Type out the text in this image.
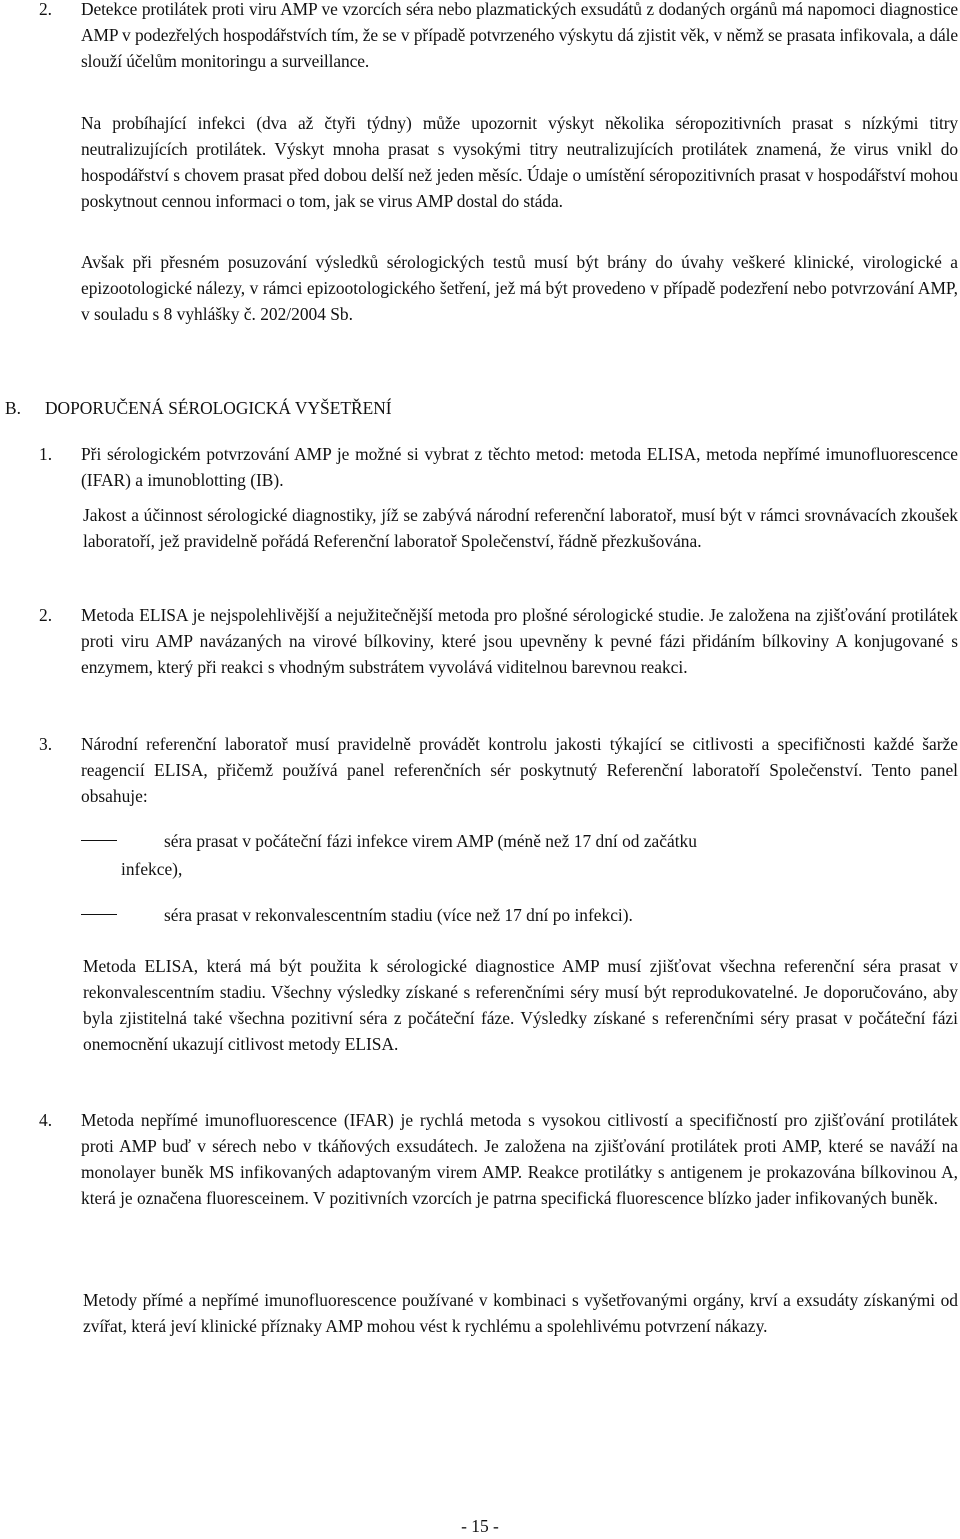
2. Detekce protilátek proti viru AMP ve vzorcích séra nebo plazmatických exsudátů z dodaných orgánů má napomoci diagnostice AMP v podezřelých hospodářstvích tím, že se v případě potvrzeného výskytu dá zjistit věk, v němž se prasata infikovala, a dále slouží účelům monitoringu a surveillance.

Na probíhající infekci (dva až čtyři týdny) může upozornit výskyt několika séropozitivních prasat s nízkými titry neutralizujících protilátek. Výskyt mnoha prasat s vysokými titry neutralizujících protilátek znamená, že virus vnikl do hospodářství s chovem prasat před dobou delší než jeden měsíc. Údaje o umístění séropozitivních prasat v hospodářství mohou poskytnout cennou informaci o tom, jak se virus AMP dostal do stáda.

Avšak při přesném posuzování výsledků sérologických testů musí být brány do úvahy veškeré klinické, virologické a epizootologické nálezy, v rámci epizootologického šetření, jež má být provedeno v případě podezření nebo potvrzování AMP, v souladu s 8 vyhlášky č. 202/2004 Sb.

B. DOPORUČENÁ SÉROLOGICKÁ VYŠETŘENÍ
1. Při sérologickém potvrzování AMP je možné si vybrat z těchto metod: metoda ELISA, metoda nepřímé imunofluorescence (IFAR) a imunoblotting (IB).

Jakost a účinnost sérologické diagnostiky, jíž se zabývá národní referenční laboratoř, musí být v rámci srovnávacích zkoušek laboratoří, jež pravidelně pořádá Referenční laboratoř Společenství, řádně přezkušována.

2. Metoda ELISA je nejspolehlivější a nejužitečnější metoda pro plošné sérologické studie. Je založena na zjišťování protilátek proti viru AMP navázaných na virové bílkoviny, které jsou upevněny k pevné fázi přidáním bílkoviny A konjugované s enzymem, který při reakci s vhodným substrátem vyvolává viditelnou barevnou reakci.
3. Národní referenční laboratoř musí pravidelně provádět kontrolu jakosti týkající se citlivosti a specifičnosti každé šarže reagencií ELISA, přičemž používá panel referenčních sér poskytnutý Referenční laboratoří Společenství. Tento panel obsahuje:
séra prasat v počáteční fázi infekce virem AMP (méně než 17 dní od začátku
infekce),
séra prasat v rekonvalescentním stadiu (více než 17 dní po infekci).

Metoda ELISA, která má být použita k sérologické diagnostice AMP musí zjišťovat všechna referenční séra prasat v rekonvalescentním stadiu. Všechny výsledky získané s referenčními séry musí být reprodukovatelné. Je doporučováno, aby byla zjistitelná také všechna pozitivní séra z počáteční fáze. Výsledky získané s referenčními séry prasat v počáteční fázi onemocnění ukazují citlivost metody ELISA.

4. Metoda nepřímé imunofluorescence (IFAR) je rychlá metoda s vysokou citlivostí a specifičností pro zjišťování protilátek proti AMP buď v sérech nebo v tkáňových exsudátech. Je založena na zjišťování protilátek proti AMP, které se naváží na monolayer buněk MS infikovaných adaptovaným virem AMP. Reakce protilátky s antigenem je prokazována bílkovinou A, která je označena fluoresceinem. V pozitivních vzorcích je patrna specifická fluorescence blízko jader infikovaných buněk.

Metody přímé a nepřímé imunofluorescence používané v kombinaci s vyšetřovanými orgány, krví a exsudáty získanými od zvířat, která jeví klinické příznaky AMP mohou vést k rychlému a spolehlivému potvrzení nákazy.

- 15 -
